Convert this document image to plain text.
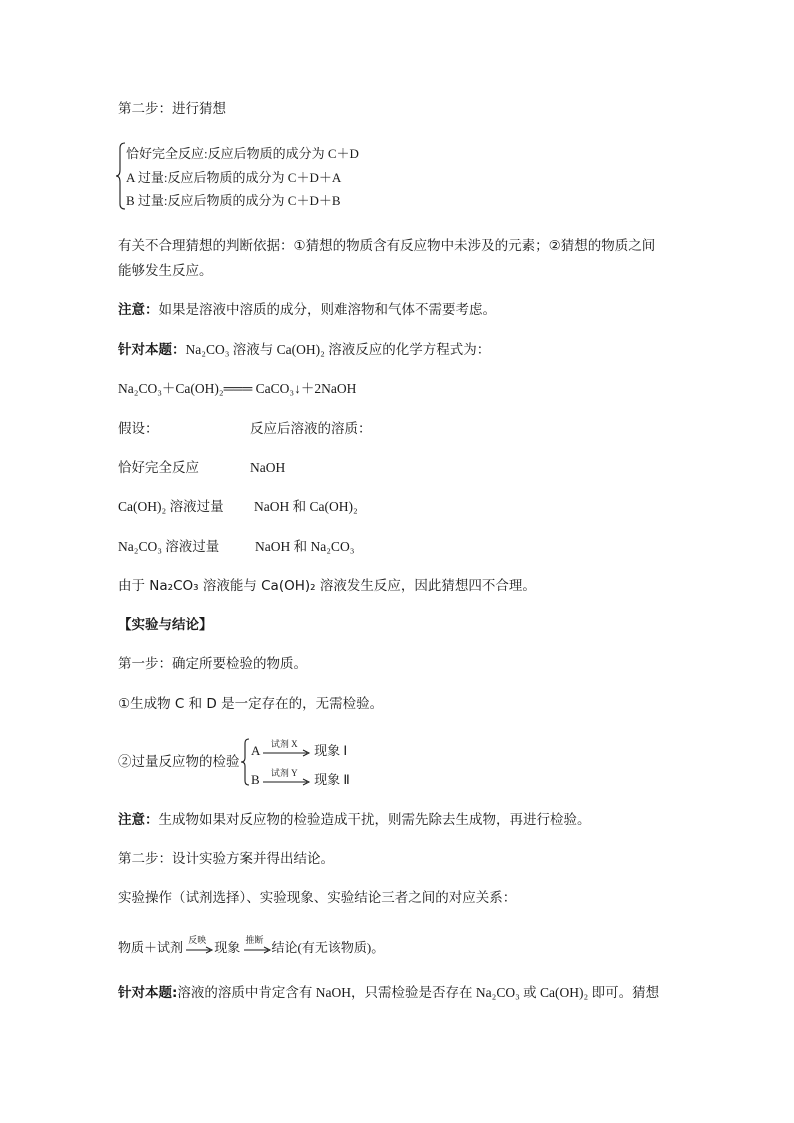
第二步：进行猜想
恰好完全反应:反应后物质的成分为 C＋D
A 过量:反应后物质的成分为 C＋D＋A
B 过量:反应后物质的成分为 C＋D＋B
有关不合理猜想的判断依据：①猜想的物质含有反应物中未涉及的元素；②猜想的物质之间
能够发生反应。
注意：如果是溶液中溶质的成分，则难溶物和气体不需要考虑。
针对本题：Na₂CO₃ 溶液与 Ca(OH)₂ 溶液反应的化学方程式为：
Na₂CO₃＋Ca(OH)₂═══ CaCO₃↓＋2NaOH
假设：	反应后溶液的溶质：
恰好完全反应	NaOH
Ca(OH)₂ 溶液过量 NaOH 和 Ca(OH)₂
Na₂CO₃ 溶液过量	NaOH 和 Na₂CO₃
由于 Na₂CO₃ 溶液能与 Ca(OH)₂ 溶液发生反应，因此猜想四不合理。
【实验与结论】
第一步：确定所要检验的物质。
①生成物 C 和 D 是一定存在的，无需检验。
②过量反应物的检验
A 试剂 X 现象 Ⅰ
B 试剂 Y 现象 Ⅱ
注意：生成物如果对反应物的检验造成干扰，则需先除去生成物，再进行检验。
第二步：设计实验方案并得出结论。
实验操作（试剂选择）、实验现象、实验结论三者之间的对应关系：
物质＋试剂 反映 现象 推断 结论(有无该物质)。
针对本题:溶液的溶质中肯定含有 NaOH，只需检验是否存在 Na₂CO₃ 或 Ca(OH)₂ 即可。猜想
